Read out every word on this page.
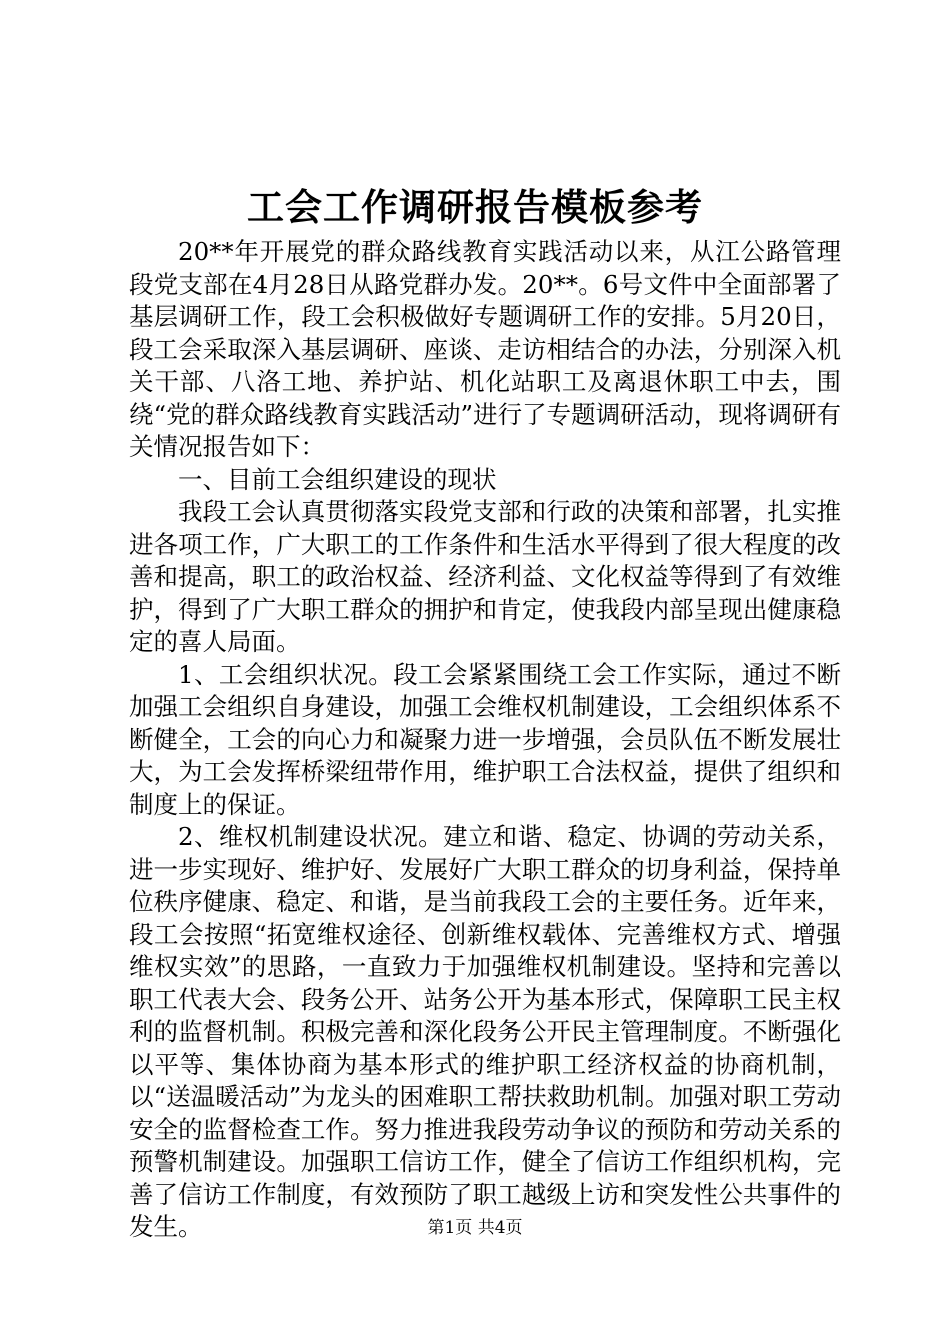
工会工作调研报告模板参考

20**年开展党的群众路线教育实践活动以来，从江公路管理段党支部在4月28日从路党群办发。20**。6号文件中全面部署了基层调研工作，段工会积极做好专题调研工作的安排。5月20日，段工会采取深入基层调研、座谈、走访相结合的办法，分别深入机关干部、八洛工地、养护站、机化站职工及离退休职工中去，围绕“党的群众路线教育实践活动”进行了专题调研活动，现将调研有关情况报告如下：

一、目前工会组织建设的现状

我段工会认真贯彻落实段党支部和行政的决策和部署，扎实推进各项工作，广大职工的工作条件和生活水平得到了很大程度的改善和提高，职工的政治权益、经济利益、文化权益等得到了有效维护，得到了广大职工群众的拥护和肯定，使我段内部呈现出健康稳定的喜人局面。

1、工会组织状况。段工会紧紧围绕工会工作实际，通过不断加强工会组织自身建设，加强工会维权机制建设，工会组织体系不断健全，工会的向心力和凝聚力进一步增强，会员队伍不断发展壮大，为工会发挥桥梁纽带作用，维护职工合法权益，提供了组织和制度上的保证。

2、维权机制建设状况。建立和谐、稳定、协调的劳动关系，进一步实现好、维护好、发展好广大职工群众的切身利益，保持单位秩序健康、稳定、和谐，是当前我段工会的主要任务。近年来，段工会按照“拓宽维权途径、创新维权载体、完善维权方式、增强维权实效”的思路，一直致力于加强维权机制建设。坚持和完善以职工代表大会、段务公开、站务公开为基本形式，保障职工民主权利的监督机制。积极完善和深化段务公开民主管理制度。不断强化以平等、集体协商为基本形式的维护职工经济权益的协商机制，以“送温暖活动”为龙头的困难职工帮扶救助机制。加强对职工劳动安全的监督检查工作。努力推进我段劳动争议的预防和劳动关系的预警机制建设。加强职工信访工作，健全了信访工作组织机构，完善了信访工作制度，有效预防了职工越级上访和突发性公共事件的发生。	第1页 共4页
